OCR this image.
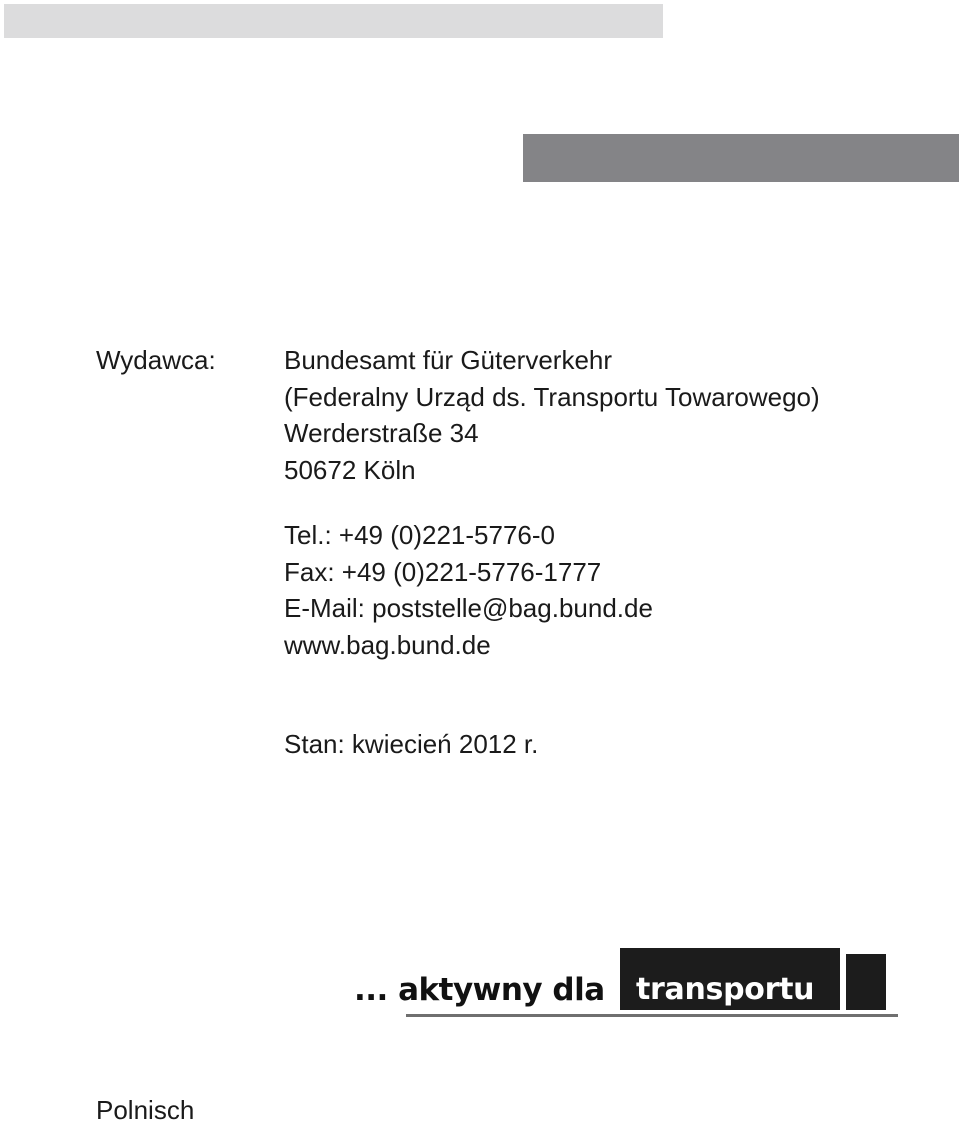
Wydawca:	Bundesamt für Güterverkehr
(Federalny Urząd ds. Transportu Towarowego)
Werderstraße 34
50672 Köln
Tel.: +49 (0)221-5776-0
Fax: +49 (0)221-5776-1777
E-Mail: poststelle@bag.bund.de
www.bag.bund.de
Stan: kwiecień 2012 r.
... aktywny dla transportu
Polnisch
